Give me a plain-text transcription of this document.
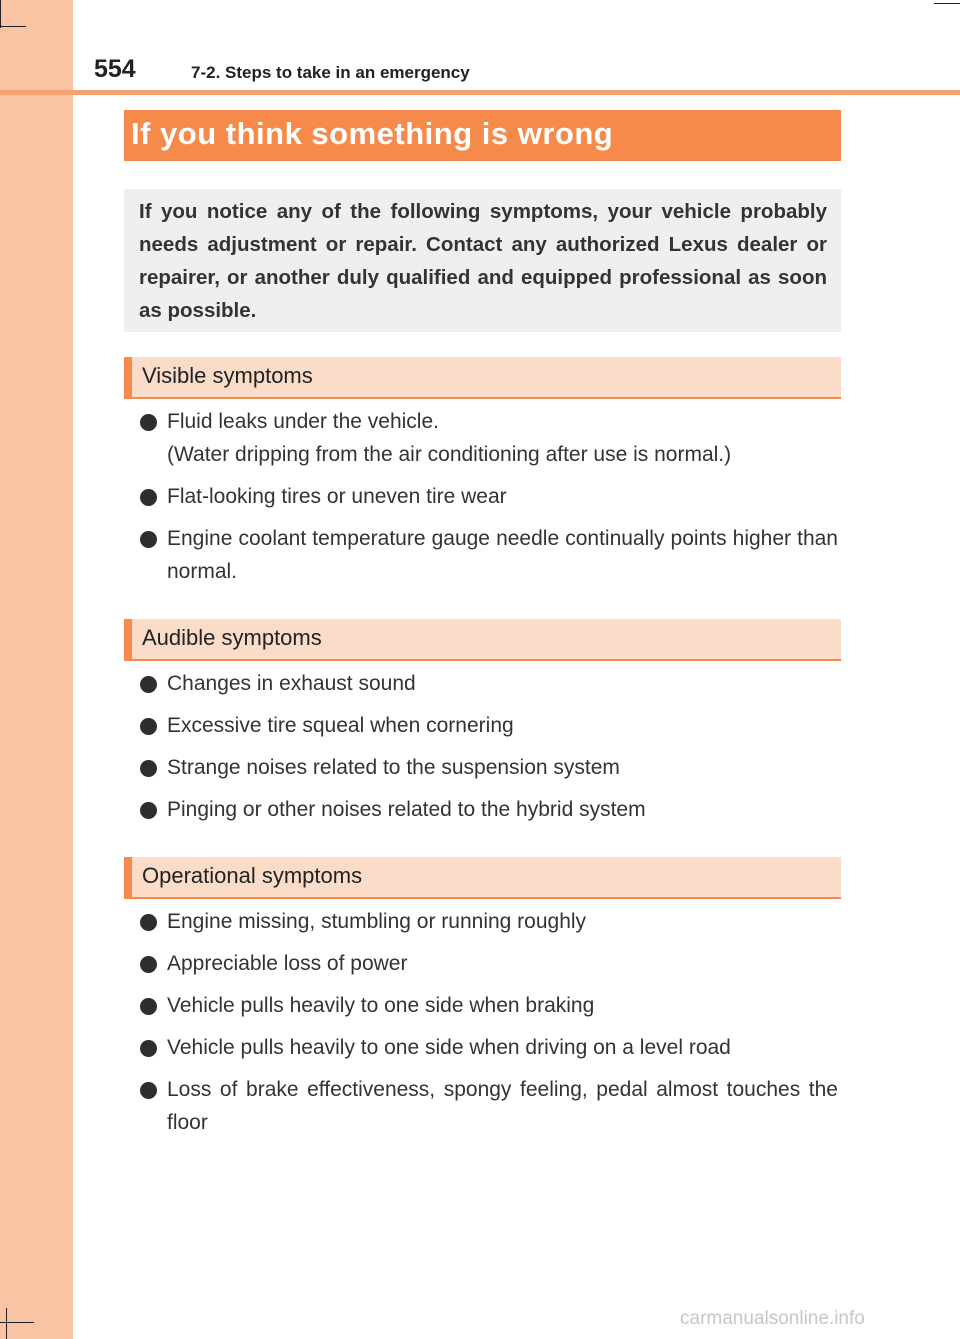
554	7-2. Steps to take in an emergency
If you think something is wrong
If you notice any of the following symptoms, your vehicle probably needs adjustment or repair. Contact any authorized Lexus dealer or repairer, or another duly qualified and equipped professional as soon as possible.
Visible symptoms
Fluid leaks under the vehicle.
(Water dripping from the air conditioning after use is normal.)
Flat-looking tires or uneven tire wear
Engine coolant temperature gauge needle continually points higher than normal.
Audible symptoms
Changes in exhaust sound
Excessive tire squeal when cornering
Strange noises related to the suspension system
Pinging or other noises related to the hybrid system
Operational symptoms
Engine missing, stumbling or running roughly
Appreciable loss of power
Vehicle pulls heavily to one side when braking
Vehicle pulls heavily to one side when driving on a level road
Loss of brake effectiveness, spongy feeling, pedal almost touches the floor
carmanualsonline.info
